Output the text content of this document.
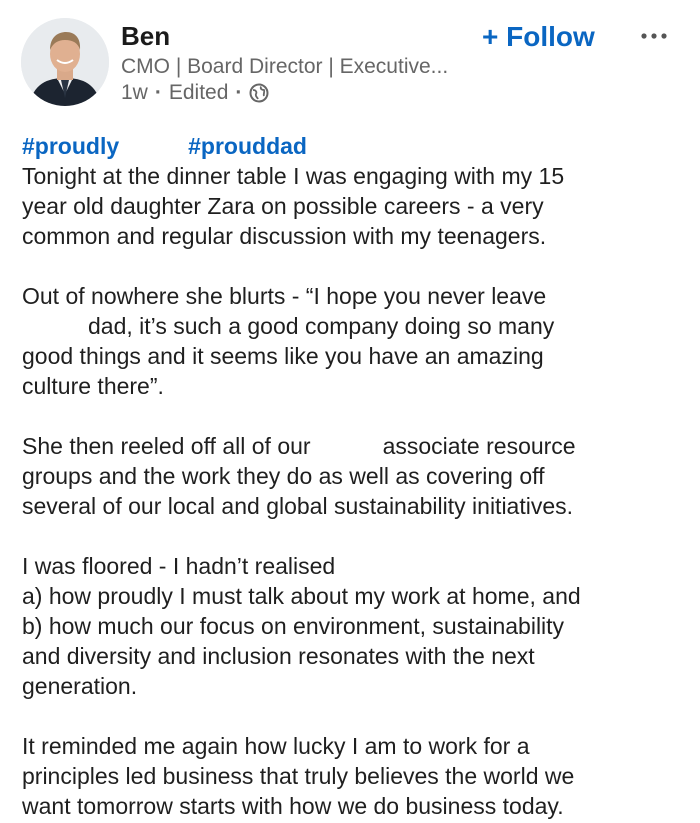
Ben
CMO | Board Director | Executive...
1w · Edited ·
+ Follow
#proudly	#prouddad

Tonight at the dinner table I was engaging with my 15
year old daughter Zara on possible careers - a very
common and regular discussion with my teenagers.

Out of nowhere she blurts - “I hope you never leave
dad, it’s such a good company doing so many
good things and it seems like you have an amazing
culture there”.

She then reeled off all of our	associate resource
groups and the work they do as well as covering off
several of our local and global sustainability initiatives.

I was floored - I hadn’t realised
a) how proudly I must talk about my work at home, and
b) how much our focus on environment, sustainability
and diversity and inclusion resonates with the next
generation.

It reminded me again how lucky I am to work for a
principles led business that truly believes the world we
want tomorrow starts with how we do business today.
